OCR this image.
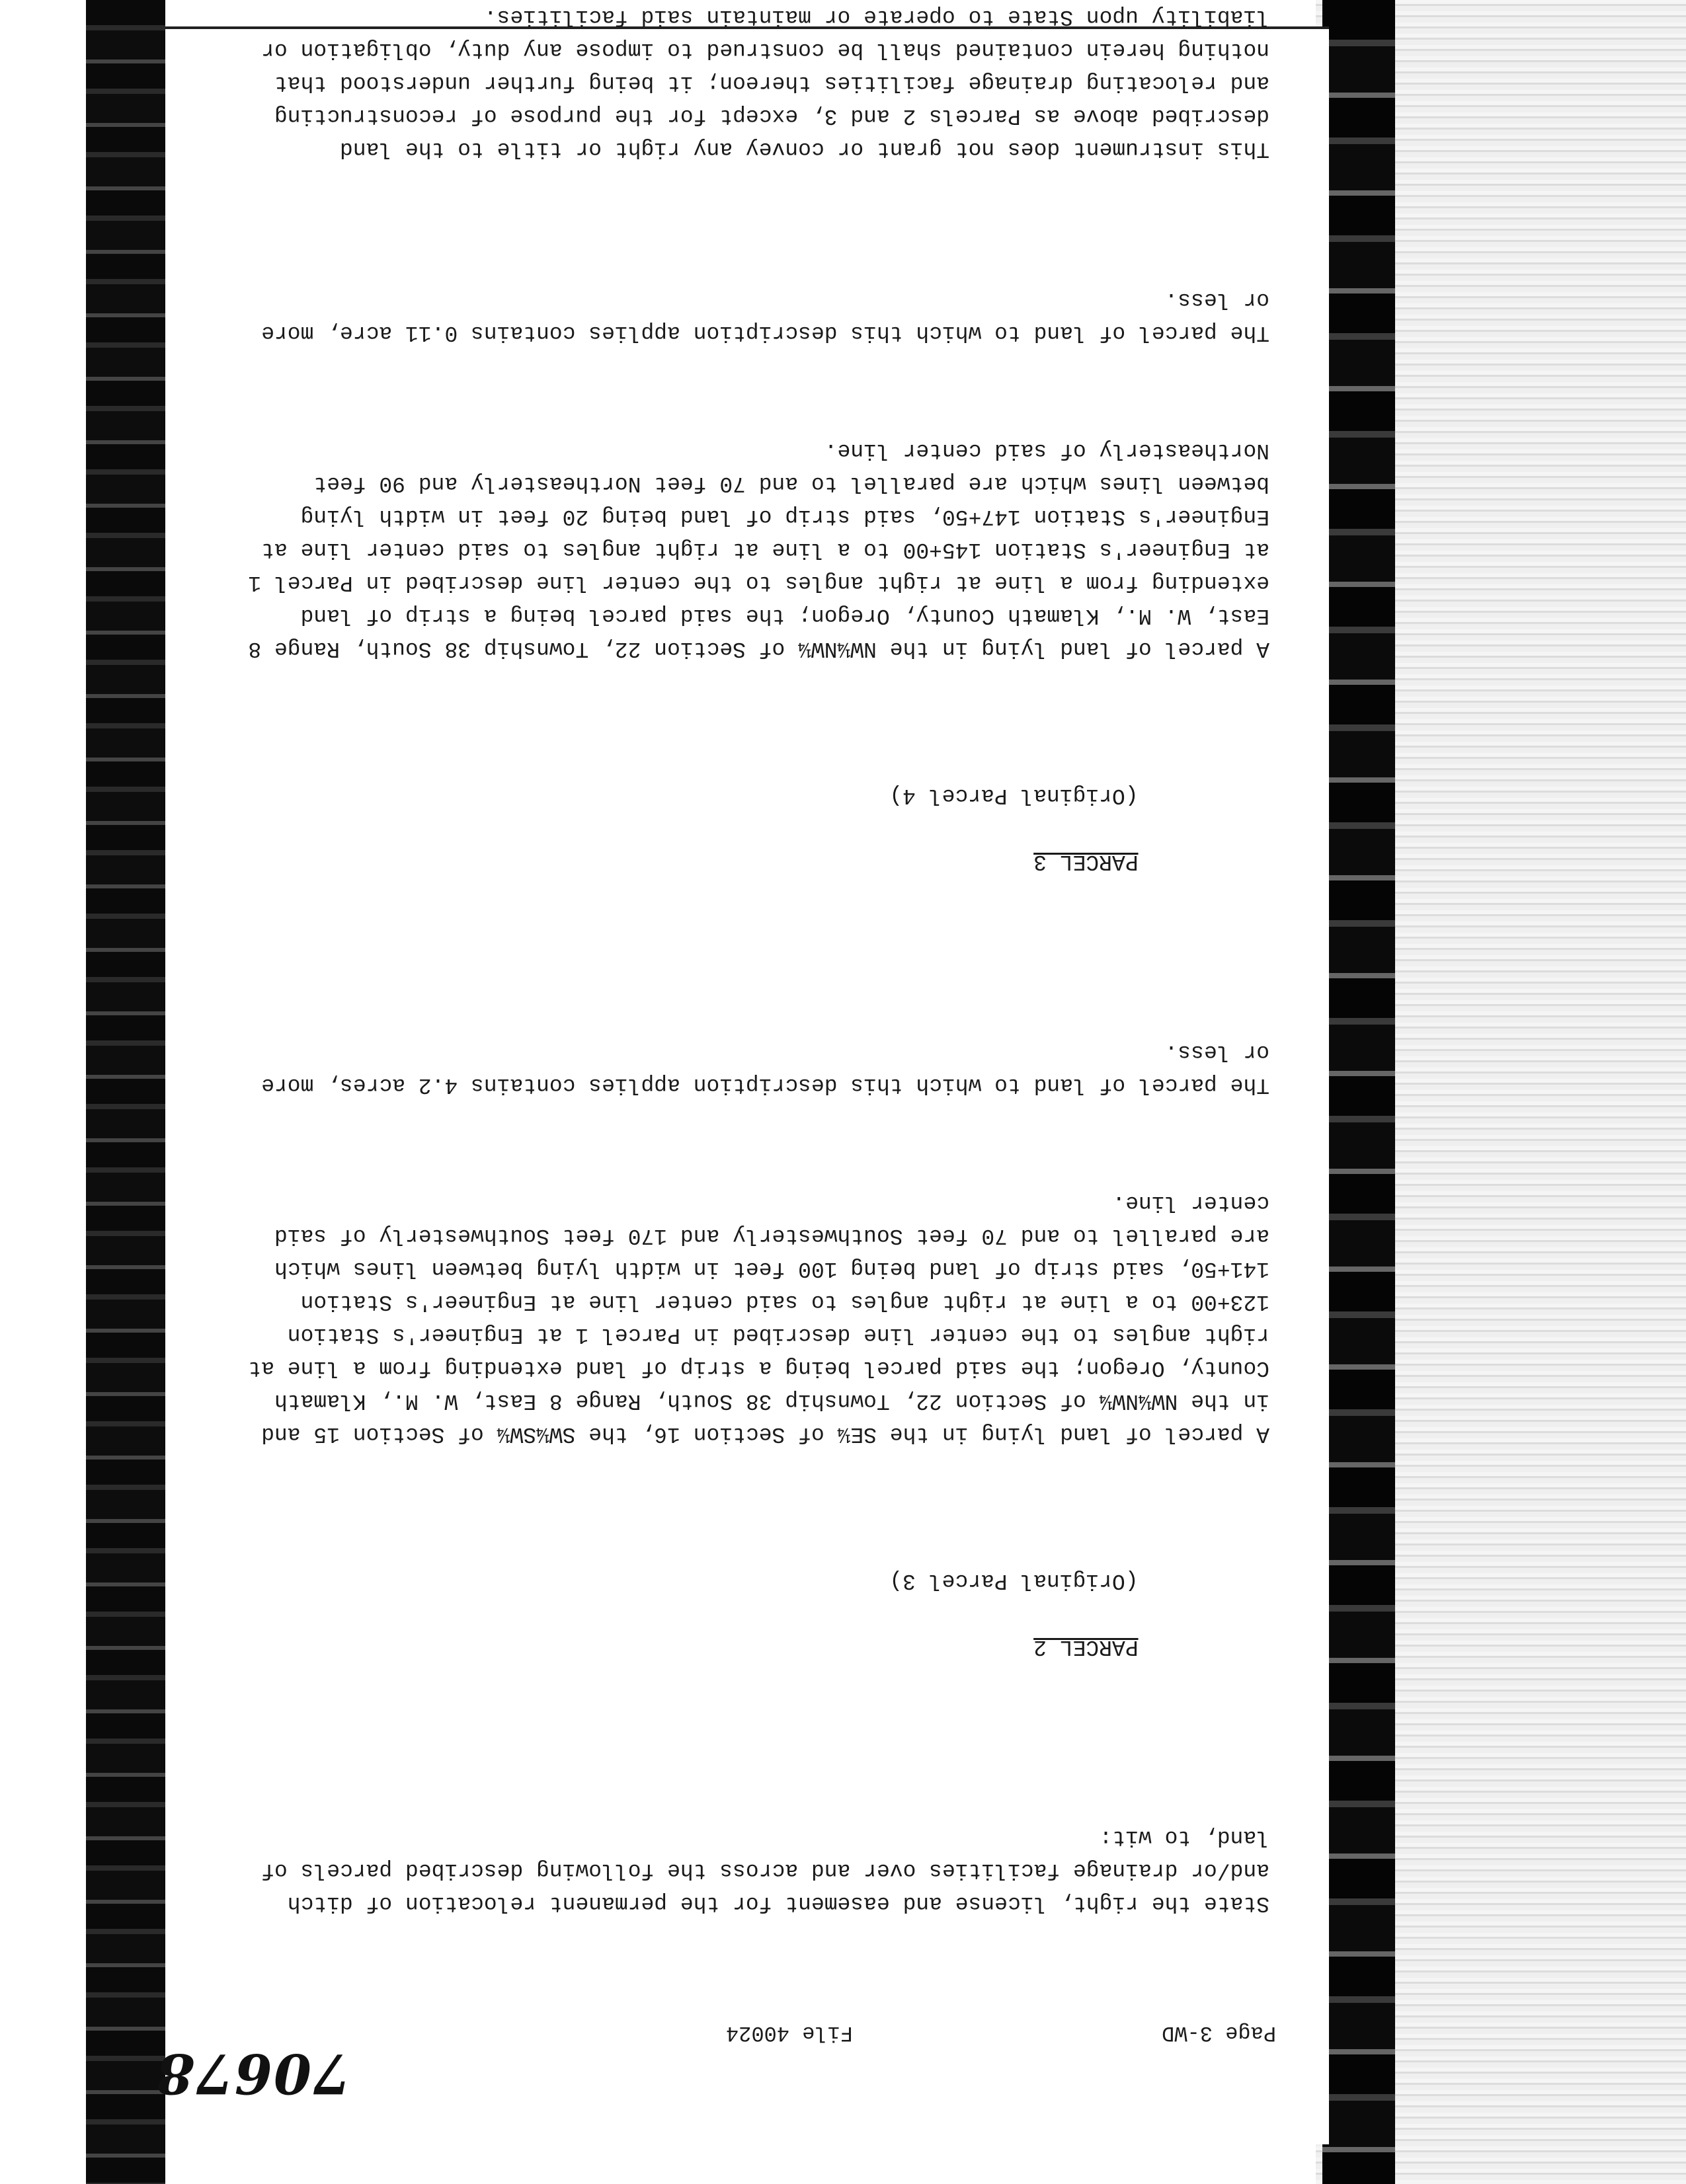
70678
Page 3-WD
File 40024

State the right, license and easement for the permanent relocation of ditch and/or drainage facilities over and across the following described parcels of land, to wit:

PARCEL 2

(Original Parcel 3)

A parcel of land lying in the SE¼ of Section 16, the SW¼SW¼ of Section 15 and in the NW¼NW¼ of Section 22, Township 38 South, Range 8 East, W. M., Klamath County, Oregon; the said parcel being a strip of land extending from a line at right angles to the center line described in Parcel 1 at Engineer's Station 123+00 to a line at right angles to said center line at Engineer's Station 141+50, said strip of land being 100 feet in width lying between lines which are parallel to and 70 feet Southwesterly and 170 feet Southwesterly of said center line.

The parcel of land to which this description applies contains 4.2 acres, more or less.

PARCEL 3

(Original Parcel 4)

A parcel of land lying in the NW¼NW¼ of Section 22, Township 38 South, Range 8 East, W. M., Klamath County, Oregon; the said parcel being a strip of land extending from a line at right angles to the center line described in Parcel 1 at Engineer's Station 145+00 to a line at right angles to said center line at Engineer's Station 147+50, said strip of land being 20 feet in width lying between lines which are parallel to and 70 feet Northeasterly and 90 feet Northeasterly of said center line.

The parcel of land to which this description applies contains 0.11 acre, more or less.

This instrument does not grant or convey any right or title to the land described above as Parcels 2 and 3, except for the purpose of reconstructing and relocating drainage facilities thereon; it being further understood that nothing herein contained shall be construed to impose any duty, obligation or liability upon State to operate or maintain said facilities.
